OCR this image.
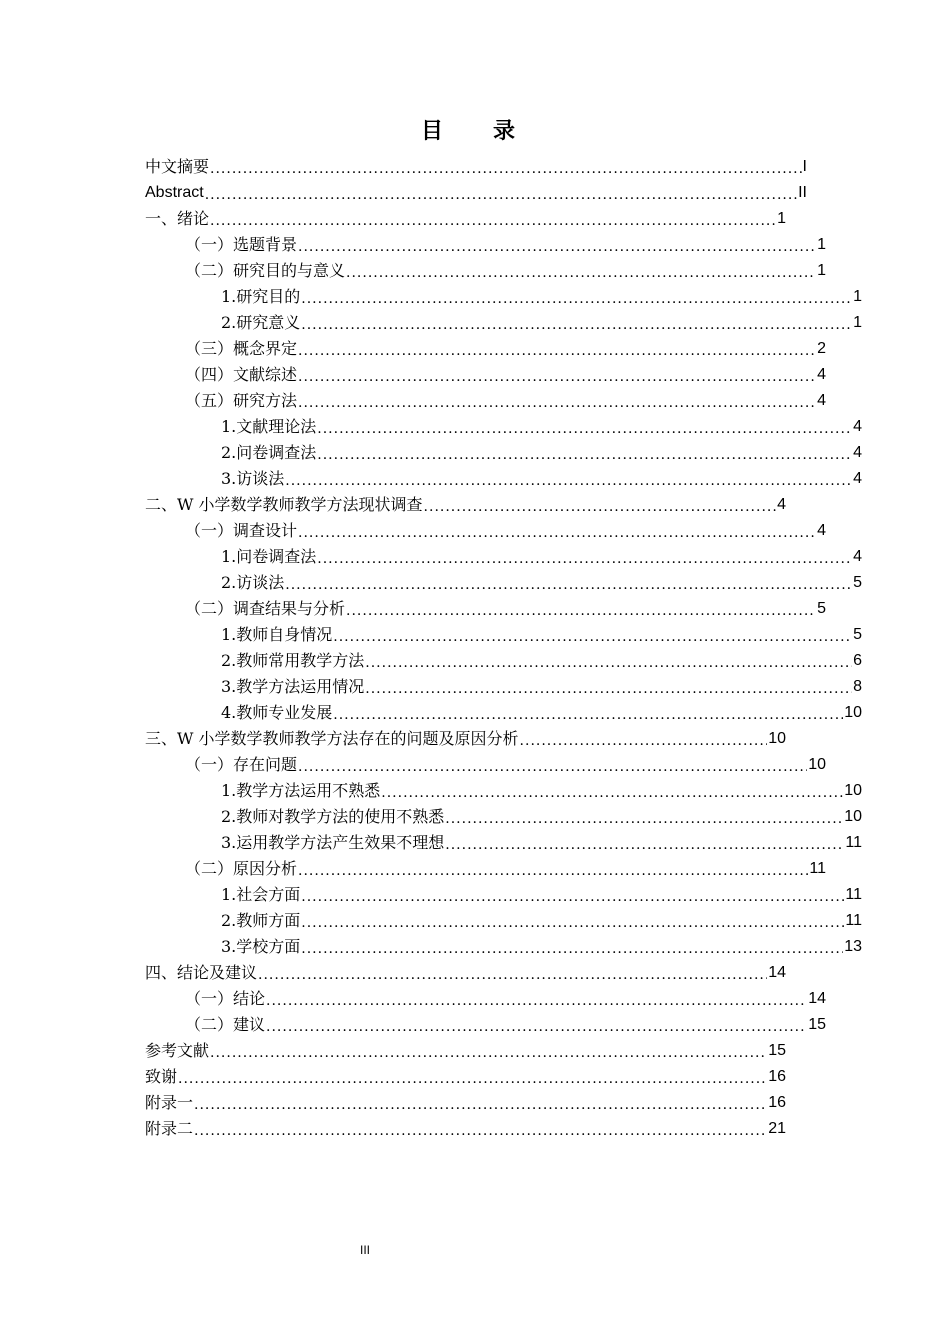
目　录
中文摘要 .....	I
Abstract .....	II
一、绪论 .....	1
（一）选题背景 .....	1
（二）研究目的与意义 .....	1
1.研究目的 .....	1
2.研究意义 .....	1
（三）概念界定 .....	2
（四）文献综述 .....	4
（五）研究方法 .....	4
1.文献理论法 .....	4
2.问卷调查法 .....	4
3.访谈法 .....	4
二、W 小学数学教师教学方法现状调查 .....	4
（一）调查设计 .....	4
1.问卷调查法 .....	4
2.访谈法 .....	5
（二）调查结果与分析 .....	5
1.教师自身情况 .....	5
2.教师常用教学方法 .....	6
3.教学方法运用情况 .....	8
4.教师专业发展 .....	10
三、W 小学数学教师教学方法存在的问题及原因分析 .....	10
（一）存在问题 .....	10
1.教学方法运用不熟悉 .....	10
2.教师对教学方法的使用不熟悉 .....	10
3.运用教学方法产生效果不理想 .....	11
（二）原因分析 .....	11
1.社会方面 .....	11
2.教师方面 .....	11
3.学校方面 .....	13
四、结论及建议 .....	14
（一）结论 .....	14
（二）建议 .....	15
参考文献 .....	15
致谢 .....	16
附录一 .....	16
附录二 .....	21
III
